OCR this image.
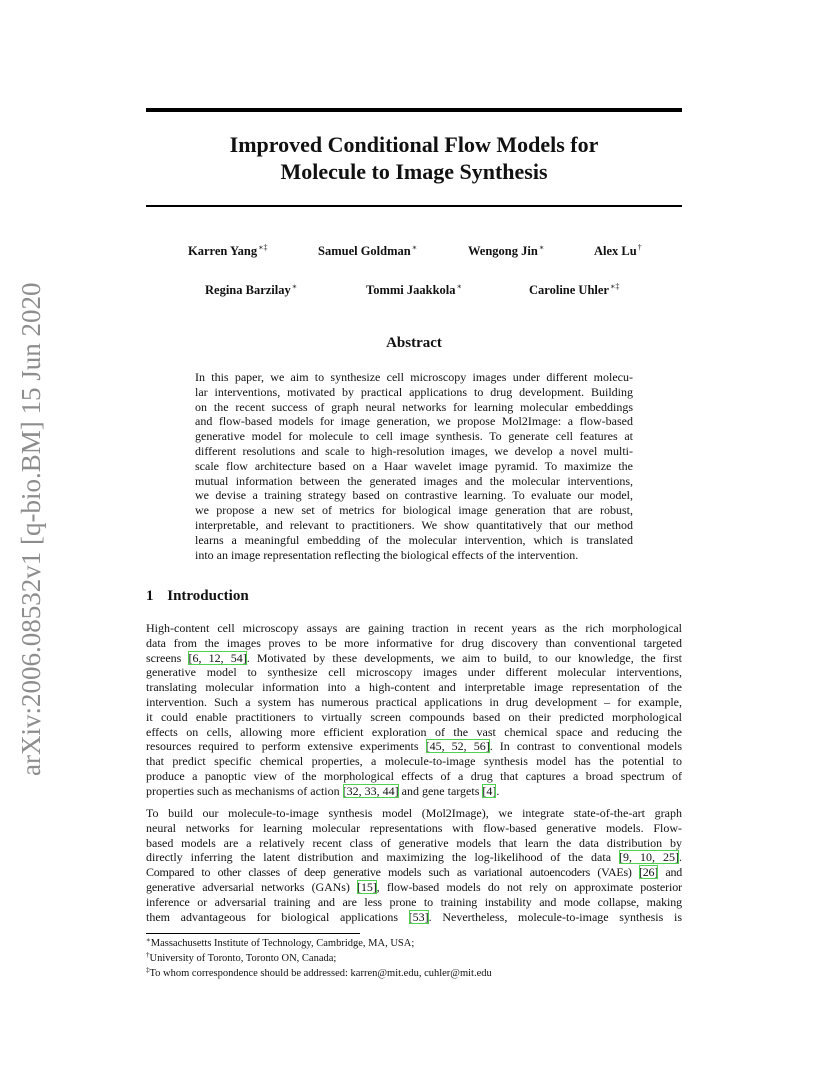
arXiv:2006.08532v1 [q-bio.BM] 15 Jun 2020
Improved Conditional Flow Models for
Molecule to Image Synthesis
Karren Yang∗‡	Samuel Goldman∗	Wengong Jin∗	Alex Lu†
Regina Barzilay∗	Tommi Jaakkola∗	Caroline Uhler∗‡
Abstract
In this paper, we aim to synthesize cell microscopy images under different molecu-
lar interventions, motivated by practical applications to drug development. Building
on the recent success of graph neural networks for learning molecular embeddings
and flow-based models for image generation, we propose Mol2Image: a flow-based
generative model for molecule to cell image synthesis. To generate cell features at
different resolutions and scale to high-resolution images, we develop a novel multi-
scale flow architecture based on a Haar wavelet image pyramid. To maximize the
mutual information between the generated images and the molecular interventions,
we devise a training strategy based on contrastive learning. To evaluate our model,
we propose a new set of metrics for biological image generation that are robust,
interpretable, and relevant to practitioners. We show quantitatively that our method
learns a meaningful embedding of the molecular intervention, which is translated
into an image representation reflecting the biological effects of the intervention.
1 Introduction
High-content cell microscopy assays are gaining traction in recent years as the rich morphological
data from the images proves to be more informative for drug discovery than conventional targeted
screens [6, 12, 54]. Motivated by these developments, we aim to build, to our knowledge, the first
generative model to synthesize cell microscopy images under different molecular interventions,
translating molecular information into a high-content and interpretable image representation of the
intervention. Such a system has numerous practical applications in drug development – for example,
it could enable practitioners to virtually screen compounds based on their predicted morphological
effects on cells, allowing more efficient exploration of the vast chemical space and reducing the
resources required to perform extensive experiments [45, 52, 56]. In contrast to conventional models
that predict specific chemical properties, a molecule-to-image synthesis model has the potential to
produce a panoptic view of the morphological effects of a drug that captures a broad spectrum of
properties such as mechanisms of action [32, 33, 44] and gene targets [4].
To build our molecule-to-image synthesis model (Mol2Image), we integrate state-of-the-art graph
neural networks for learning molecular representations with flow-based generative models. Flow-
based models are a relatively recent class of generative models that learn the data distribution by
directly inferring the latent distribution and maximizing the log-likelihood of the data [9, 10, 25].
Compared to other classes of deep generative models such as variational autoencoders (VAEs) [26] and
generative adversarial networks (GANs) [15], flow-based models do not rely on approximate posterior
inference or adversarial training and are less prone to training instability and mode collapse, making
them advantageous for biological applications [53]. Nevertheless, molecule-to-image synthesis is
∗Massachusetts Institute of Technology, Cambridge, MA, USA;
†University of Toronto, Toronto ON, Canada;
‡To whom correspondence should be addressed: karren@mit.edu, cuhler@mit.edu
